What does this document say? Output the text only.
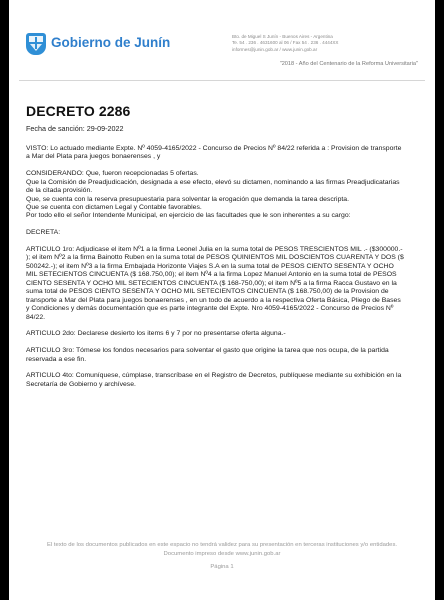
Gobierno de Junín	Bto. de Miguel S Junín - Buenos Aires - Argentina
Te. 54 . 236 . 4631600 al 06 / Fax 54 . 236 . 4444XX
informes@junin.gob.ar / www.junin.gob.ar
"2018 - Año del Centenario de la Reforma Universitaria"
DECRETO 2286
Fecha de sanción: 29-09-2022

VISTO: Lo actuado mediante Expte. Nº 4059-4165/2022 - Concurso de Precios Nº 84/22 referida a : Provision de transporte
a Mar del Plata para juegos bonaerenses , y

CONSIDERANDO: Que, fueron recepcionadas 5 ofertas.
Que la Comisión de Preadjudicación, designada a ese efecto, elevó su dictamen, nominando a las firmas Preadjudicatarias
de la citada provisión.
Que, se cuenta con la reserva presupuestaria para solventar la erogación que demanda la tarea descripta.
Que se cuenta con dictamen Legal y Contable favorables.
Por todo ello el señor Intendente Municipal, en ejercicio de las facultades que le son inherentes a su cargo:

DECRETA:

ARTICULO 1ro: Adjudicase el item Nº1 a la firma Leonel Julia en la suma total de PESOS TRESCIENTOS MIL .- ($300000.-
); el item Nº2 a la firma Bainotto Ruben en la suma total de PESOS QUINIENTOS MIL DOSCIENTOS CUARENTA Y DOS ($
500242.-); el item Nº3 a la firma Embajada Horizonte Viajes S.A en la suma total de PESOS CIENTO SESENTA Y OCHO
MIL SETECIENTOS CINCUENTA ($ 168.750,00); el item Nº4 a la firma Lopez Manuel Antonio en la suma total de PESOS
CIENTO SESENTA Y OCHO MIL SETECIENTOS CINCUENTA ($ 168-750,00); el item Nº5 a la firma Racca Gustavo en la
suma total de PESOS CIENTO SESENTA Y OCHO MIL SETECIENTOS CINCUENTA ($ 168.750,00) de la Provision de
transporte a Mar del Plata para juegos bonaerenses , en un todo de acuerdo a la respectiva Oferta Básica, Pliego de Bases
y Condiciones y demás documentación que es parte integrante del Expte. Nro 4059-4165/2022 - Concurso de Precios Nº
84/22.

ARTICULO 2do: Declarese desierto los items 6 y 7 por no presentarse oferta alguna.-

ARTICULO 3ro: Tómese los fondos necesarios para solventar el gasto que origine la tarea que nos ocupa, de la partida
reservada a ese fin.

ARTICULO 4to: Comuníquese, cúmplase, transcríbase en el Registro de Decretos, publíquese mediante su exhibición en la
Secretaría de Gobierno y archívese.

El texto de los documentos publicados en este espacio no tendrá validez para su presentación en terceras instituciones y/o entidades.
Documento impreso desde www.junin.gob.ar
Página 1
